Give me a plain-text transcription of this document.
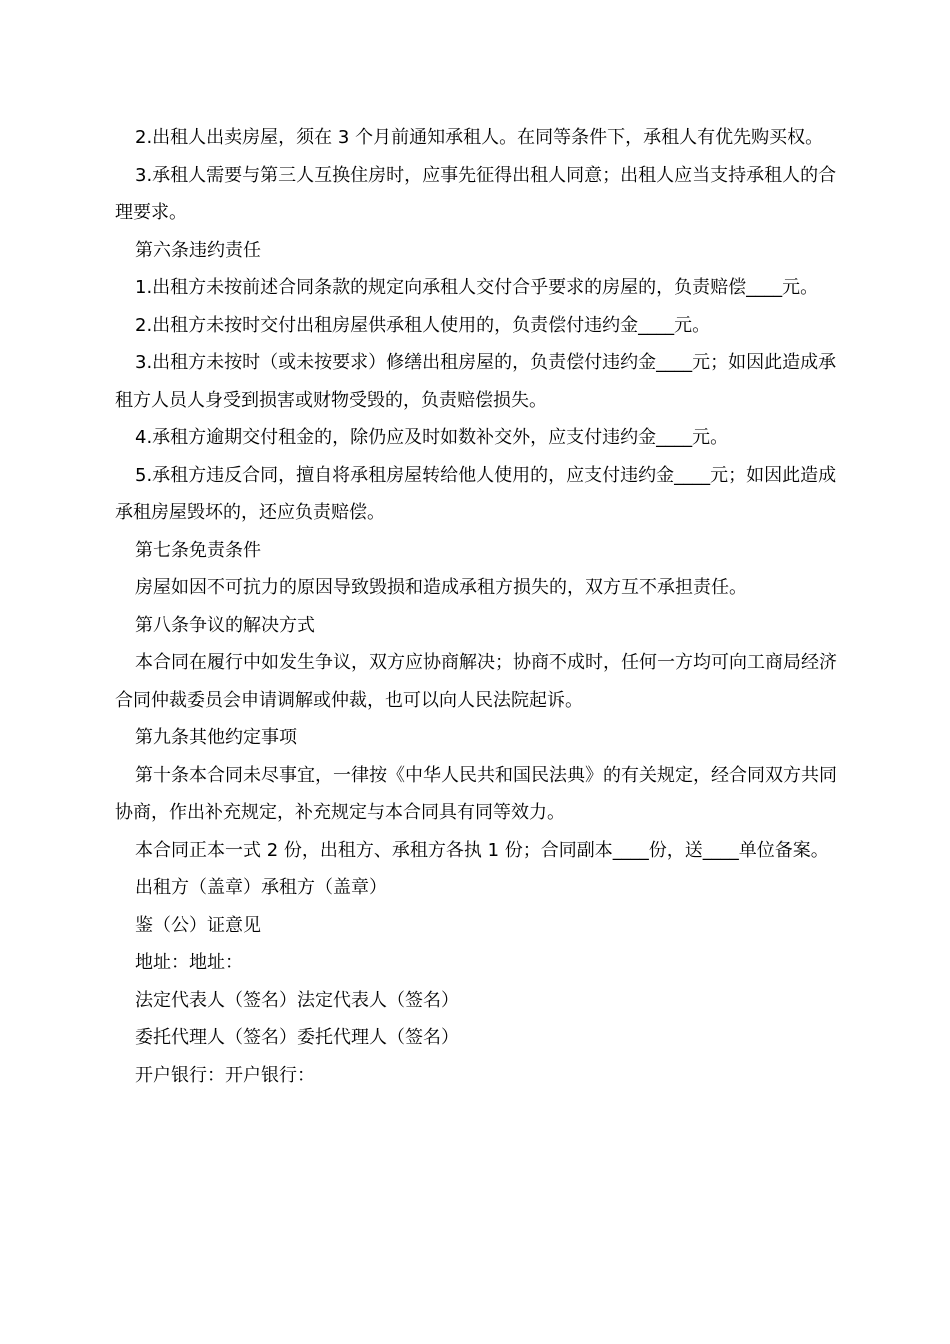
2.出租人出卖房屋，须在 3 个月前通知承租人。在同等条件下，承租人有优先购买权。

3.承租人需要与第三人互换住房时，应事先征得出租人同意；出租人应当支持承租人的合理要求。

第六条违约责任

1.出租方未按前述合同条款的规定向承租人交付合乎要求的房屋的，负责赔偿____元。

2.出租方未按时交付出租房屋供承租人使用的，负责偿付违约金____元。

3.出租方未按时（或未按要求）修缮出租房屋的，负责偿付违约金____元；如因此造成承租方人员人身受到损害或财物受毁的，负责赔偿损失。

4.承租方逾期交付租金的，除仍应及时如数补交外，应支付违约金____元。

5.承租方违反合同，擅自将承租房屋转给他人使用的，应支付违约金____元；如因此造成承租房屋毁坏的，还应负责赔偿。

第七条免责条件

房屋如因不可抗力的原因导致毁损和造成承租方损失的，双方互不承担责任。

第八条争议的解决方式

本合同在履行中如发生争议，双方应协商解决；协商不成时，任何一方均可向工商局经济合同仲裁委员会申请调解或仲裁，也可以向人民法院起诉。

第九条其他约定事项

第十条本合同未尽事宜，一律按《中华人民共和国民法典》的有关规定，经合同双方共同协商，作出补充规定，补充规定与本合同具有同等效力。

本合同正本一式 2 份，出租方、承租方各执 1 份；合同副本____份，送____单位备案。

出租方（盖章）承租方（盖章）

鉴（公）证意见

地址：地址：

法定代表人（签名）法定代表人（签名）

委托代理人（签名）委托代理人（签名）

开户银行：开户银行：
